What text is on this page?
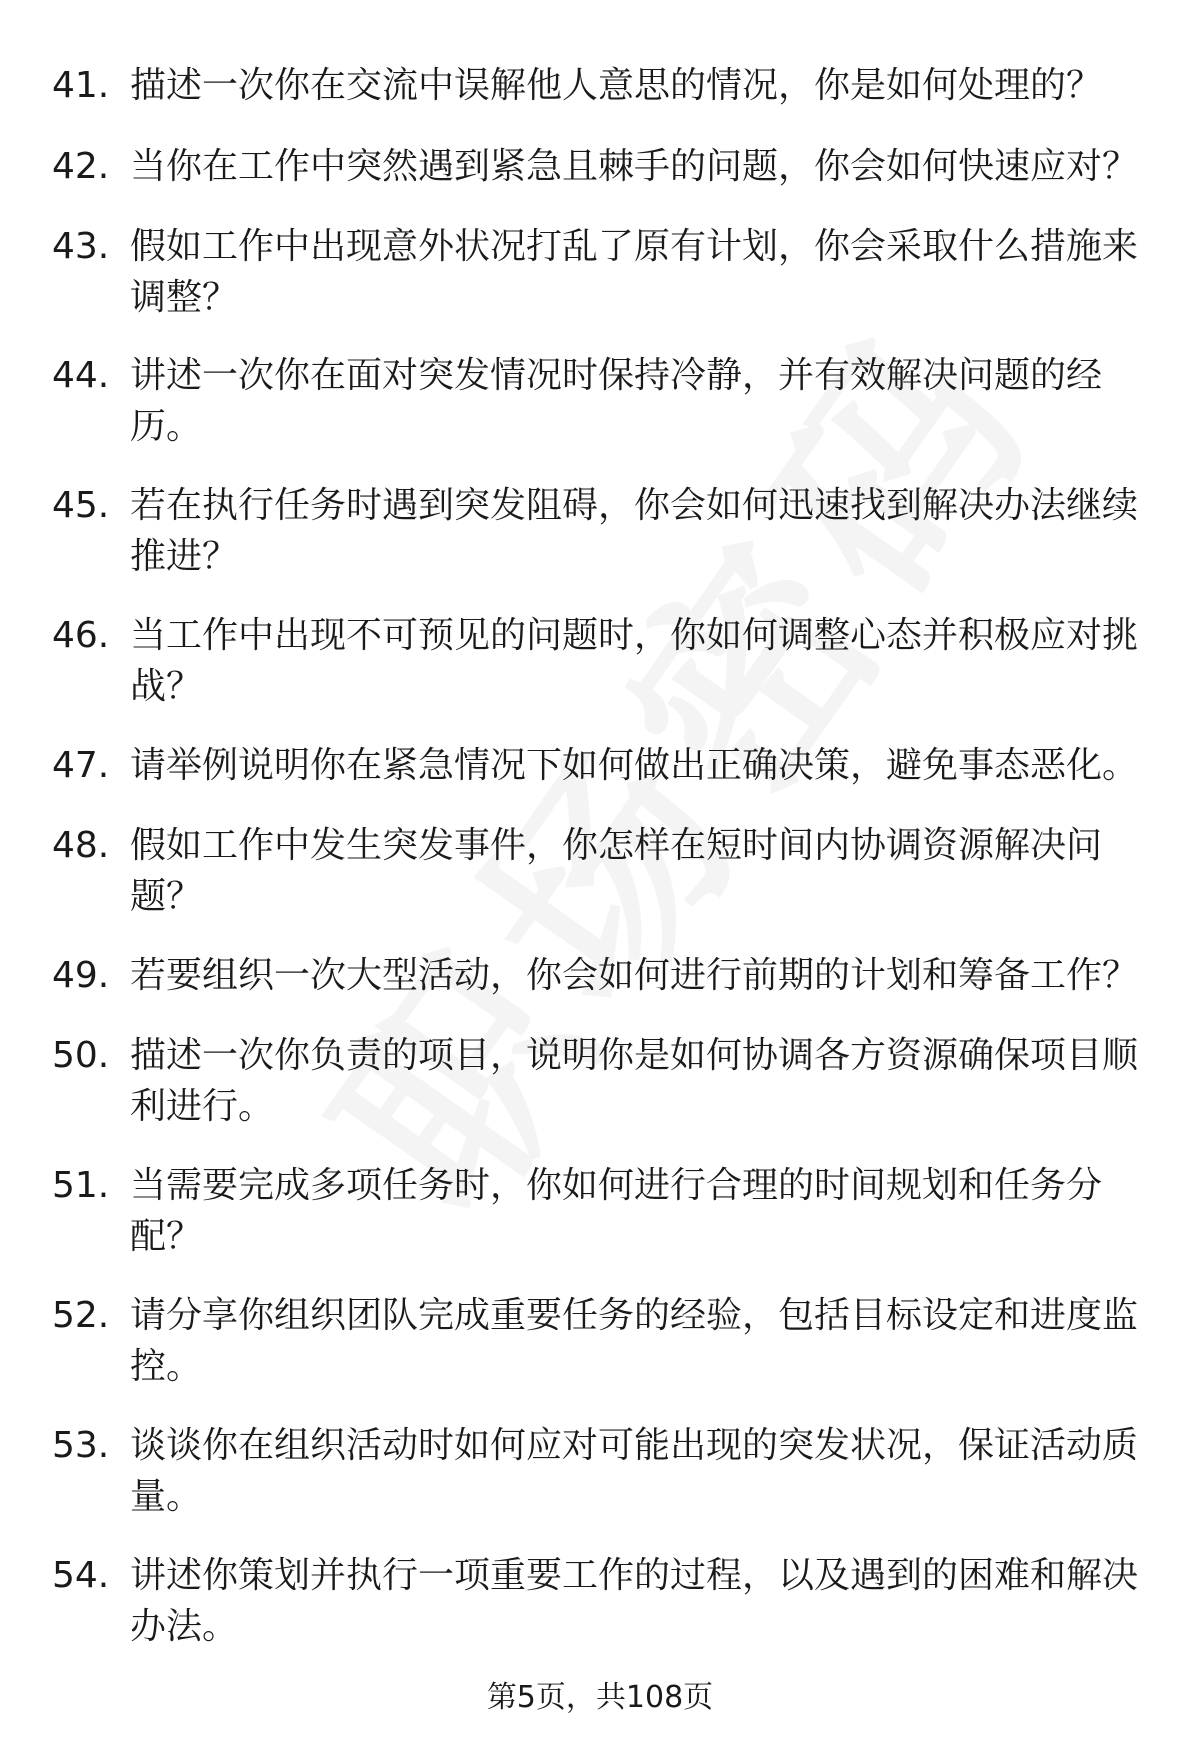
41. 描述一次你在交流中误解他人意思的情况，你是如何处理的？
42. 当你在工作中突然遇到紧急且棘手的问题，你会如何快速应对？
43. 假如工作中出现意外状况打乱了原有计划，你会采取什么措施来
调整？
44. 讲述一次你在面对突发情况时保持冷静，并有效解决问题的经
历。
45. 若在执行任务时遇到突发阻碍，你会如何迅速找到解决办法继续
推进？
46. 当工作中出现不可预见的问题时，你如何调整心态并积极应对挑
战？
47. 请举例说明你在紧急情况下如何做出正确决策，避免事态恶化。
48. 假如工作中发生突发事件，你怎样在短时间内协调资源解决问
题？
49. 若要组织一次大型活动，你会如何进行前期的计划和筹备工作？
50. 描述一次你负责的项目，说明你是如何协调各方资源确保项目顺
利进行。
51. 当需要完成多项任务时，你如何进行合理的时间规划和任务分
配？
52. 请分享你组织团队完成重要任务的经验，包括目标设定和进度监
控。
53. 谈谈你在组织活动时如何应对可能出现的突发状况，保证活动质
量。
54. 讲述你策划并执行一项重要工作的过程，以及遇到的困难和解决
办法。
第5页，共108页
